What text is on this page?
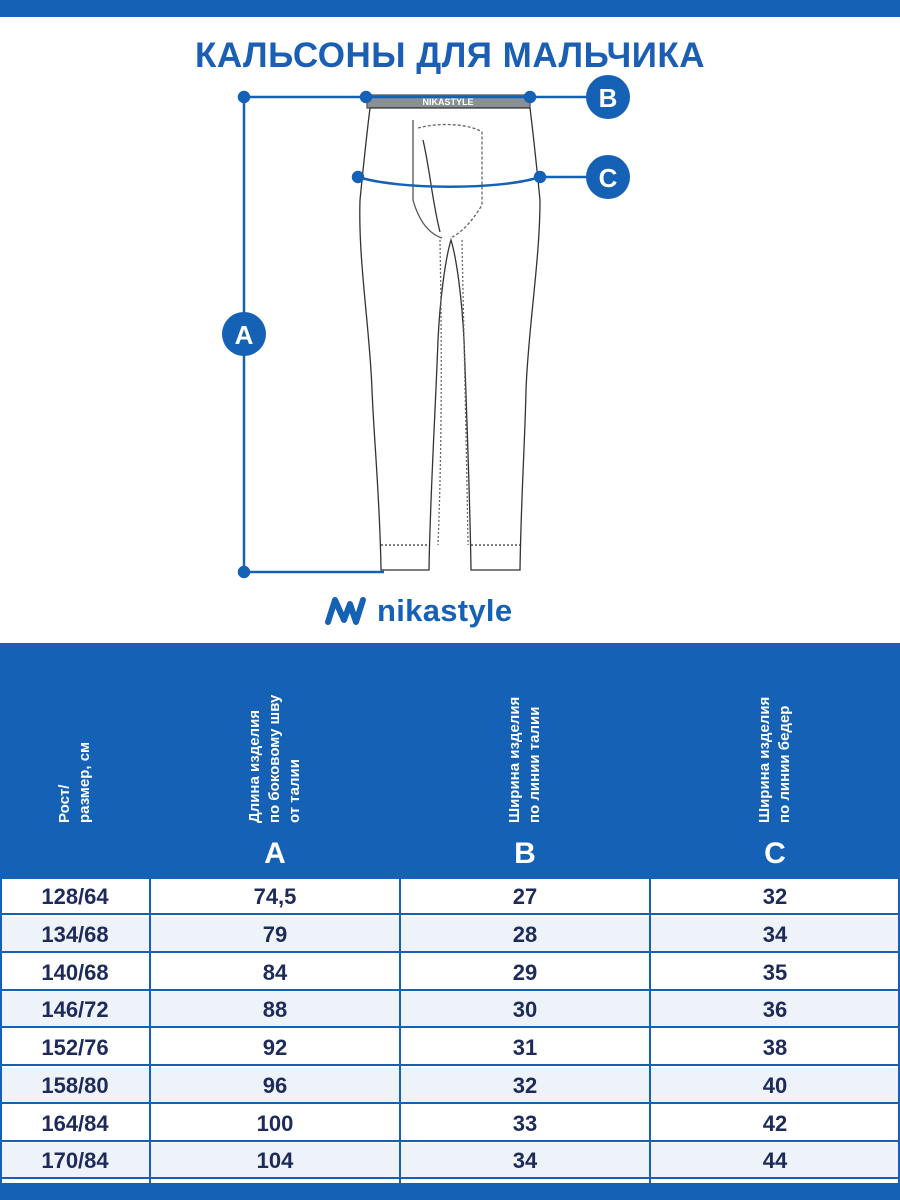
КАЛЬСОНЫ ДЛЯ МАЛЬЧИКА
NIKASTYLE
A
B
C
nikastyle
Рост/
размер, см
Длина изделия
по боковому шву
от талии
A
Ширина изделия
по линии талии
B
Ширина изделия
по линии бедер
C
128/64	74,5	27	32
134/68	79	28	34
140/68	84	29	35
146/72	88	30	36
152/76	92	31	38
158/80	96	32	40
164/84	100	33	42
170/84	104	34	44
